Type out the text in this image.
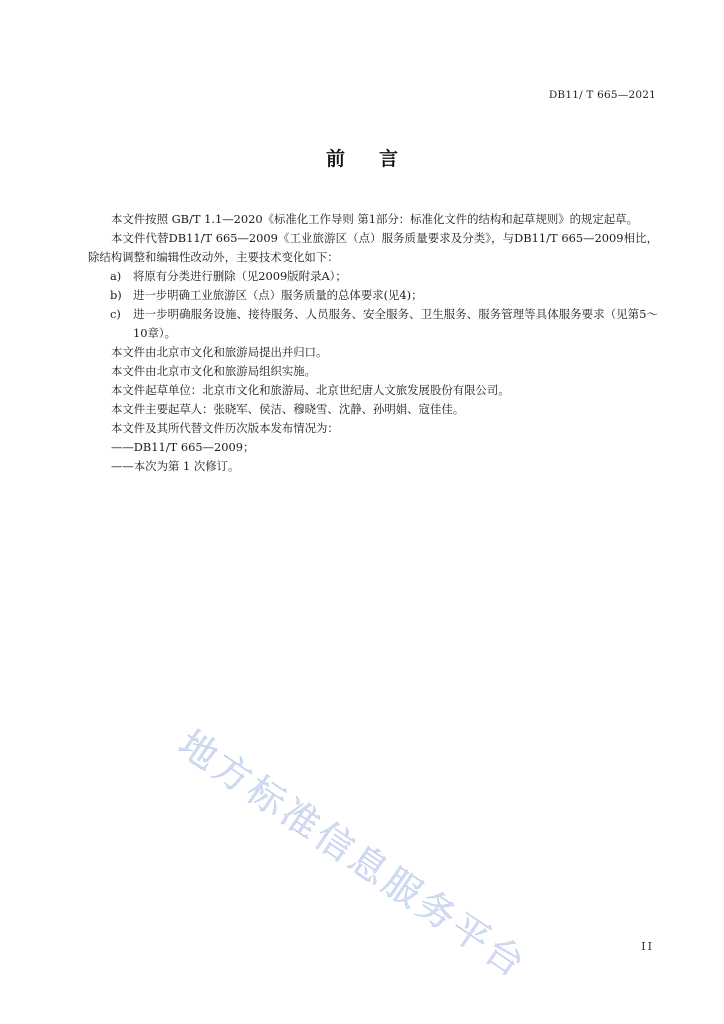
DB11/ T 665—2021
前言

本文件按照 GB/T 1.1—2020《标准化工作导则 第1部分：标准化文件的结构和起草规则》的规定起草。

本文件代替DB11/T 665—2009《工业旅游区（点）服务质量要求及分类》，与DB11/T 665—2009相比，除结构调整和编辑性改动外，主要技术变化如下：

a) 将原有分类进行删除（见2009版附录A）；

b) 进一步明确工业旅游区（点）服务质量的总体要求(见4)；

c) 进一步明确服务设施、接待服务、人员服务、安全服务、卫生服务、服务管理等具体服务要求（见第5～10章）。

本文件由北京市文化和旅游局提出并归口。

本文件由北京市文化和旅游局组织实施。

本文件起草单位：北京市文化和旅游局、北京世纪唐人文旅发展股份有限公司。

本文件主要起草人：张晓军、侯洁、穆晓雪、沈静、孙明娟、寇佳佳。

本文件及其所代替文件历次版本发布情况为：

——DB11/T 665—2009；

——本次为第 1 次修订。

地方标准信息服务平台	II
